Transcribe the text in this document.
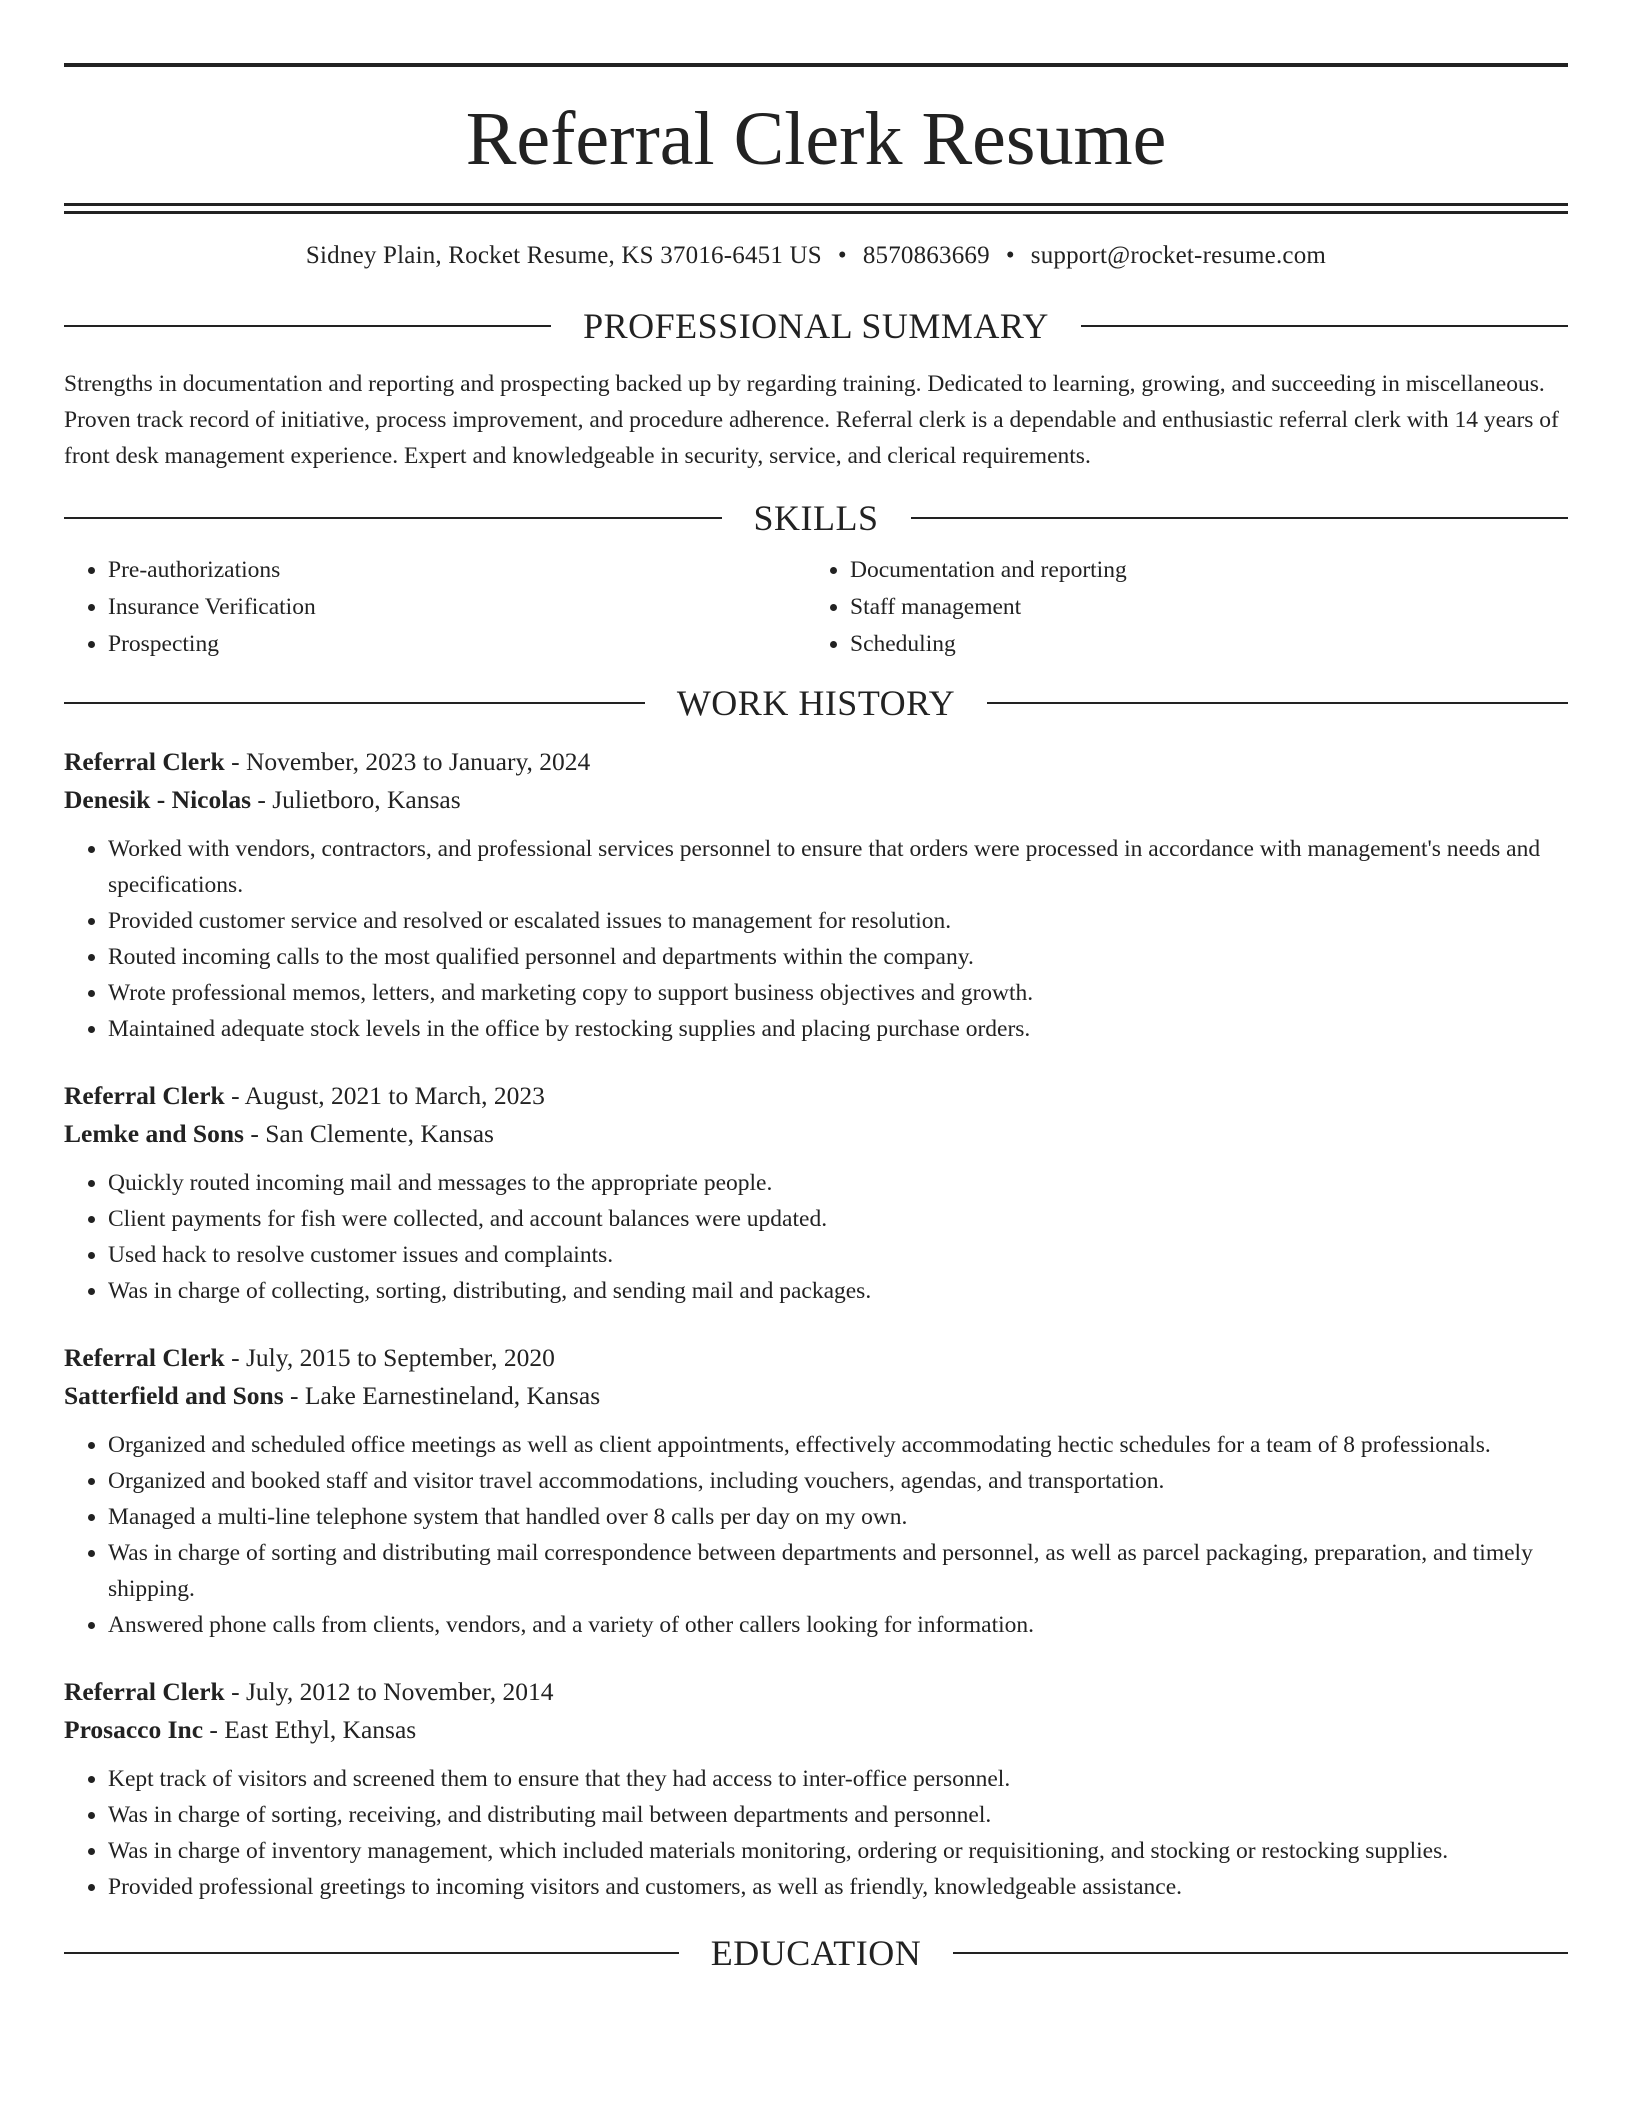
Referral Clerk Resume
Sidney Plain, Rocket Resume, KS 37016-6451 US • 8570863669 • support@rocket-resume.com
PROFESSIONAL SUMMARY
Strengths in documentation and reporting and prospecting backed up by regarding training. Dedicated to learning, growing, and succeeding in miscellaneous. Proven track record of initiative, process improvement, and procedure adherence. Referral clerk is a dependable and enthusiastic referral clerk with 14 years of front desk management experience. Expert and knowledgeable in security, service, and clerical requirements.
SKILLS
• Pre-authorizations
• Insurance Verification
• Prospecting
• Documentation and reporting
• Staff management
• Scheduling
WORK HISTORY
Referral Clerk - November, 2023 to January, 2024
Denesik - Nicolas - Julietboro, Kansas
• Worked with vendors, contractors, and professional services personnel to ensure that orders were processed in accordance with management's needs and specifications.
• Provided customer service and resolved or escalated issues to management for resolution.
• Routed incoming calls to the most qualified personnel and departments within the company.
• Wrote professional memos, letters, and marketing copy to support business objectives and growth.
• Maintained adequate stock levels in the office by restocking supplies and placing purchase orders.
Referral Clerk - August, 2021 to March, 2023
Lemke and Sons - San Clemente, Kansas
• Quickly routed incoming mail and messages to the appropriate people.
• Client payments for fish were collected, and account balances were updated.
• Used hack to resolve customer issues and complaints.
• Was in charge of collecting, sorting, distributing, and sending mail and packages.
Referral Clerk - July, 2015 to September, 2020
Satterfield and Sons - Lake Earnestineland, Kansas
• Organized and scheduled office meetings as well as client appointments, effectively accommodating hectic schedules for a team of 8 professionals.
• Organized and booked staff and visitor travel accommodations, including vouchers, agendas, and transportation.
• Managed a multi-line telephone system that handled over 8 calls per day on my own.
• Was in charge of sorting and distributing mail correspondence between departments and personnel, as well as parcel packaging, preparation, and timely shipping.
• Answered phone calls from clients, vendors, and a variety of other callers looking for information.
Referral Clerk - July, 2012 to November, 2014
Prosacco Inc - East Ethyl, Kansas
• Kept track of visitors and screened them to ensure that they had access to inter-office personnel.
• Was in charge of sorting, receiving, and distributing mail between departments and personnel.
• Was in charge of inventory management, which included materials monitoring, ordering or requisitioning, and stocking or restocking supplies.
• Provided professional greetings to incoming visitors and customers, as well as friendly, knowledgeable assistance.
EDUCATION
